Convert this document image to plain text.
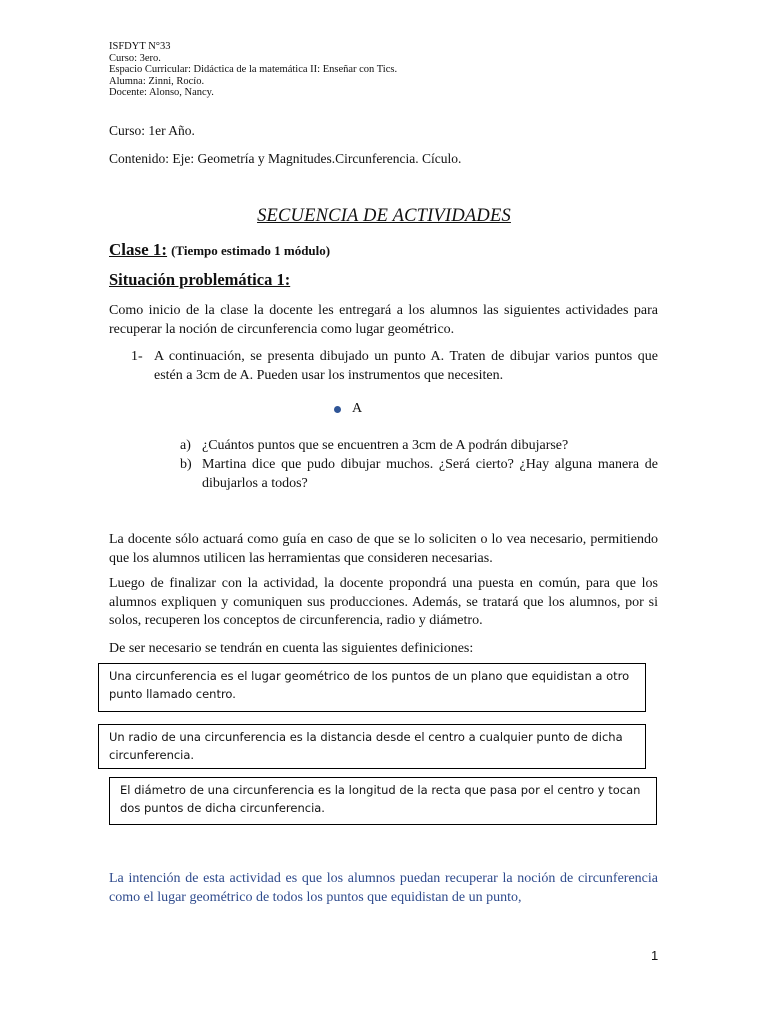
ISFDYT N°33
Curso: 3ero.
Espacio Curricular: Didáctica de la matemática II: Enseñar con Tics.
Alumna: Zinni, Rocío.
Docente: Alonso, Nancy.
Curso: 1er Año.
Contenido: Eje: Geometría y Magnitudes.Circunferencia. Cículo.
SECUENCIA DE ACTIVIDADES
Clase 1: (Tiempo estimado 1 módulo)
Situación problemática 1:
Como inicio de la clase la docente les entregará a los alumnos las siguientes actividades para recuperar la noción de circunferencia como lugar geométrico.
1- A continuación, se presenta dibujado un punto A. Traten de dibujar varios puntos que estén a 3cm de A. Pueden usar los instrumentos que necesiten.
A
a) ¿Cuántos puntos que se encuentren a 3cm de A podrán dibujarse?
b) Martina dice que pudo dibujar muchos. ¿Será cierto? ¿Hay alguna manera de dibujarlos a todos?
La docente sólo actuará como guía en caso de que se lo soliciten o lo vea necesario, permitiendo que los alumnos utilicen las herramientas que consideren necesarias.
Luego de finalizar con la actividad, la docente propondrá una puesta en común, para que los alumnos expliquen y comuniquen sus producciones. Además, se tratará que los alumnos, por si solos, recuperen los conceptos de circunferencia, radio y diámetro.
De ser necesario se tendrán en cuenta las siguientes definiciones:
Una circunferencia es el lugar geométrico de los puntos de un plano que equidistan a otro punto llamado centro.
Un radio de una circunferencia es la distancia desde el centro a cualquier punto de dicha circunferencia.
El diámetro de una circunferencia es la longitud de la recta que pasa por el centro y tocan dos puntos de dicha circunferencia.
La intención de esta actividad es que los alumnos puedan recuperar la noción de circunferencia como el lugar geométrico de todos los puntos que equidistan de un punto,
1
